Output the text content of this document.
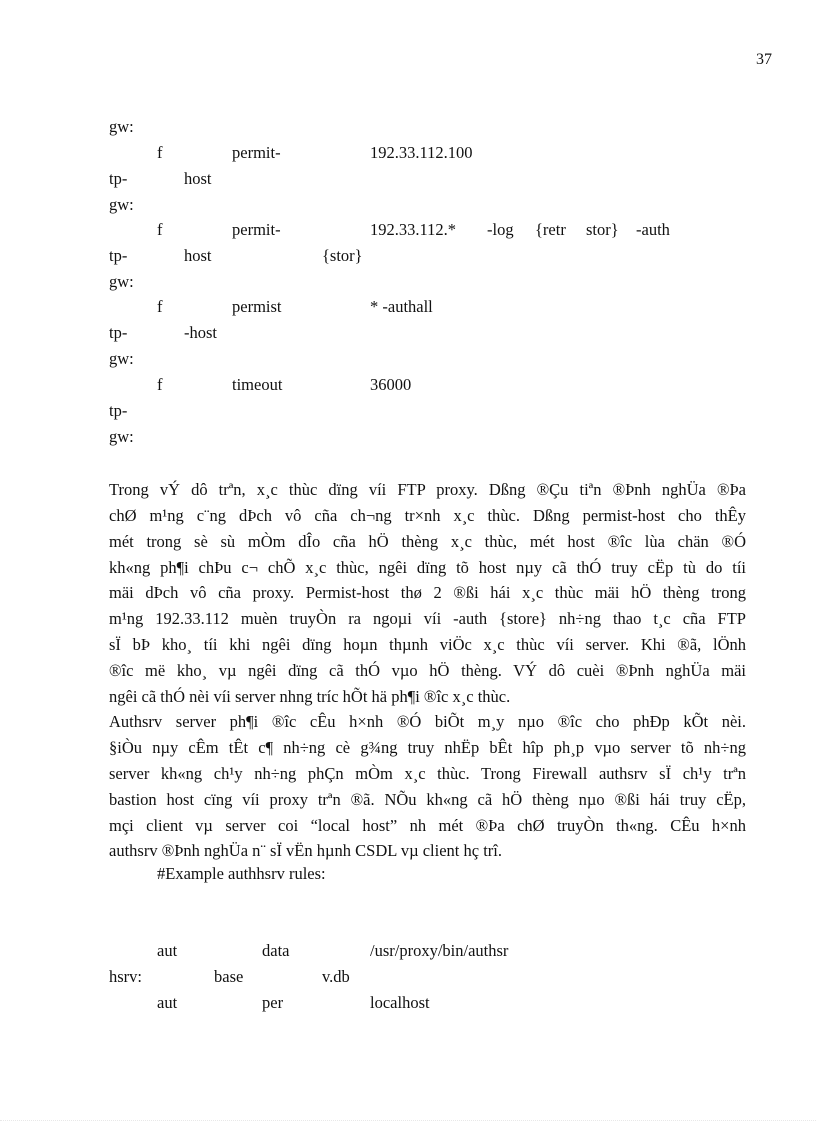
37
gw:
f	permit-	192.33.112.100
tp-	host
gw:
f	permit-	192.33.112.* -log {retr stor} -auth
tp-	host	{stor}
gw:
f	permist	* -authall
tp-	-host
gw:
f	timeout	36000
tp-
gw:
Trong vÝ dô trªn, x¸c thùc dïng víi FTP proxy. Dßng ®Çu tiªn ®Þnh nghÜa ®Þa
chØ m¹ng c¨ng dÞch vô cña ch¬ng tr×nh x¸c thùc. Dßng permist-host cho thÊy
mét trong sè sù mÒm dÎo cña hÖ thèng x¸c thùc, mét host ®îc lùa chän ®Ó
kh«ng ph¶i chÞu c¬ chÕ x¸c thùc, ngêi dïng tõ host nµy cã thÓ truy cËp tù do tíi
mäi dÞch vô cña proxy. Permist-host thø 2 ®ßi hái x¸c thùc mäi hÖ thèng trong
m¹ng 192.33.112 muèn truyÒn ra ngoµi víi -auth {store} nh÷ng thao t¸c cña FTP
sÏ bÞ kho¸ tíi khi ngêi dïng hoµn thµnh viÖc x¸c thùc víi server. Khi ®ã, lÖnh
®îc më kho¸ vµ ngêi dïng cã thÓ vµo hÖ thèng. VÝ dô cuèi ®Þnh nghÜa mäi
ngêi cã thÓ nèi víi server nhng tríc hÕt hä ph¶i ®îc x¸c thùc.
Authsrv server ph¶i ®îc cÊu h×nh ®Ó biÕt m¸y nµo ®îc cho phÐp kÕt nèi.
§iÒu nµy cÊm tÊt c¶ nh÷ng cè g¾ng truy nhËp bÊt hîp ph¸p vµo server tõ nh÷ng
server kh«ng ch¹y nh÷ng phÇn mÒm x¸c thùc. Trong Firewall authsrv sÏ ch¹y trªn
bastion host cïng víi proxy trªn ®ã. NÕu kh«ng cã hÖ thèng nµo ®ßi hái truy cËp,
mçi client vµ server coi “local host” nh mét ®Þa chØ truyÒn th«ng. CÊu h×nh
authsrv ®Þnh nghÜa n¨ sÏ vËn hµnh CSDL vµ client hç trî.
#Example authhsrv rules:
aut	data	/usr/proxy/bin/authsr
hsrv:	base	v.db
aut	per	localhost
